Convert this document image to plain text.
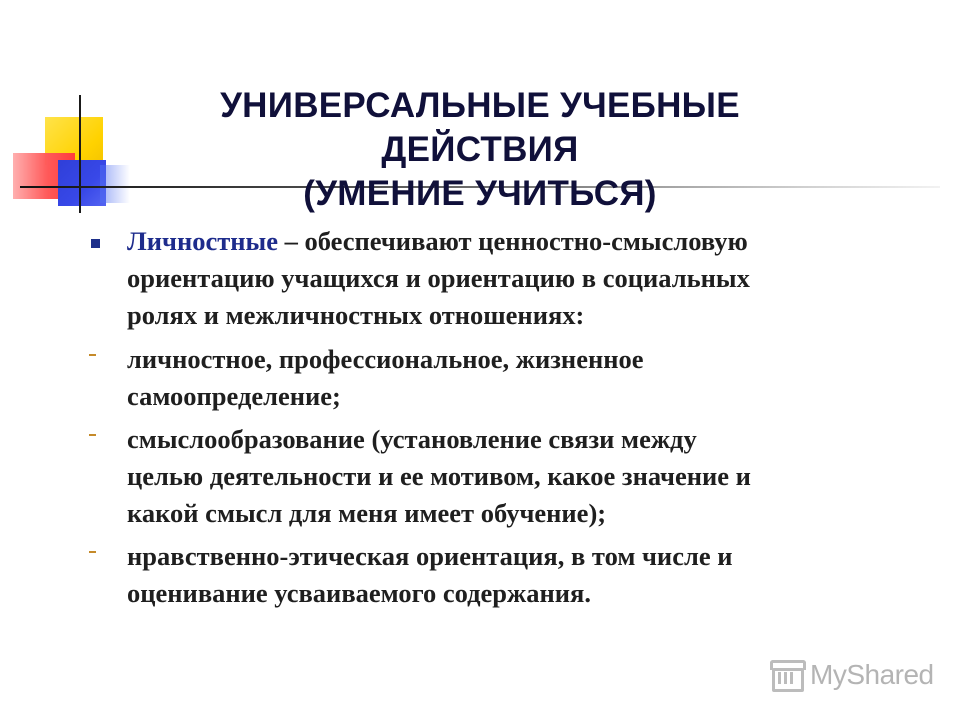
УНИВЕРСАЛЬНЫЕ УЧЕБНЫЕ ДЕЙСТВИЯ
(УМЕНИЕ УЧИТЬСЯ)
Личностные – обеспечивают ценностно-смысловую
ориентацию учащихся и ориентацию в социальных
ролях и межличностных отношениях:
личностное, профессиональное, жизненное
самоопределение;
смыслообразование (установление связи между
целью деятельности и ее мотивом, какое значение и
какой смысл для меня имеет обучение);
нравственно-этическая ориентация, в том числе и
оценивание усваиваемого содержания.
MyShared
